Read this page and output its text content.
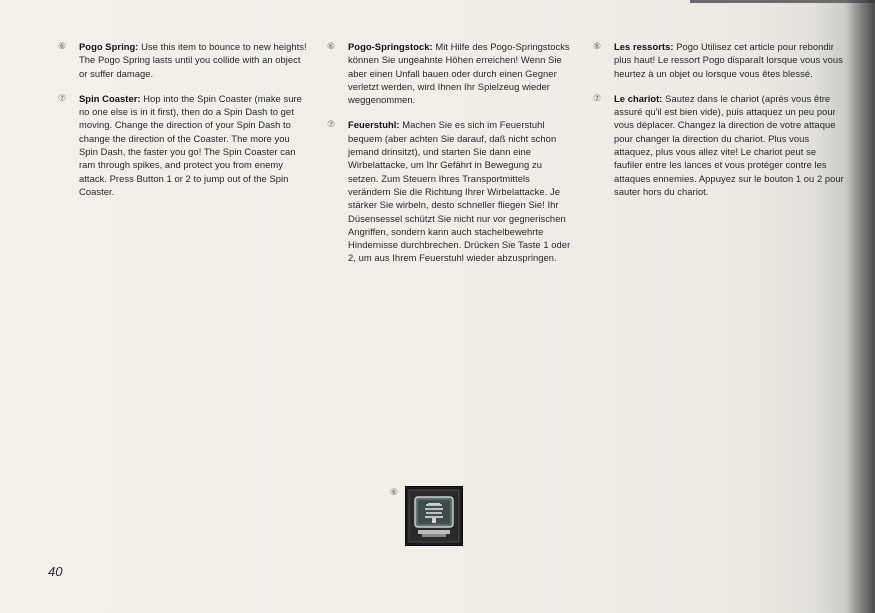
⑥ Pogo Spring: Use this item to bounce to new heights! The Pogo Spring lasts until you collide with an object or suffer damage.
⑦ Spin Coaster: Hop into the Spin Coaster (make sure no one else is in it first), then do a Spin Dash to get moving. Change the direction of your Spin Dash to change the direction of the Coaster. The more you Spin Dash, the faster you go! The Spin Coaster can ram through spikes, and protect you from enemy attack. Press Button 1 or 2 to jump out of the Spin Coaster.
⑥ Pogo-Springstock: Mit Hilfe des Pogo-Springstocks können Sie ungeahnte Höhen erreichen! Wenn Sie aber einen Unfall bauen oder durch einen Gegner verletzt werden, wird Ihnen Ihr Spielzeug wieder weggenommen.
⑦ Feuerstuhl: Machen Sie es sich im Feuerstuhl bequem (aber achten Sie darauf, daß nicht schon jemand drinsitzt), und starten Sie dann eine Wirbelattacke, um Ihr Gefährt in Bewegung zu setzen. Zum Steuern Ihres Transportmittels verändern Sie die Richtung Ihrer Wirbelattacke. Je stärker Sie wirbeln, desto schneller fliegen Sie! Ihr Düsensessel schützt Sie nicht nur vor gegnerischen Angriffen, sondern kann auch stachelbewehrte Hindernisse durchbrechen. Drücken Sie Taste 1 oder 2, um aus Ihrem Feuerstuhl wieder abzuspringen.
⑥ Les ressorts: Pogo Utilisez cet article pour rebondir plus haut! Le ressort Pogo disparaît lorsque vous vous heurtez à un objet ou lorsque vous êtes blessé.
⑦ Le chariot: Sautez dans le chariot (après vous être assuré qu'il est bien vide), puis attaquez un peu pour vous déplacer. Changez la direction de votre attaque pour changer la direction du chariot. Plus vous attaquez, plus vous allez vite! Le chariot peut se faufiler entre les lances et vous protéger contre les attaques ennemies. Appuyez sur le bouton 1 ou 2 pour sauter hors du chariot.
⑥
40
